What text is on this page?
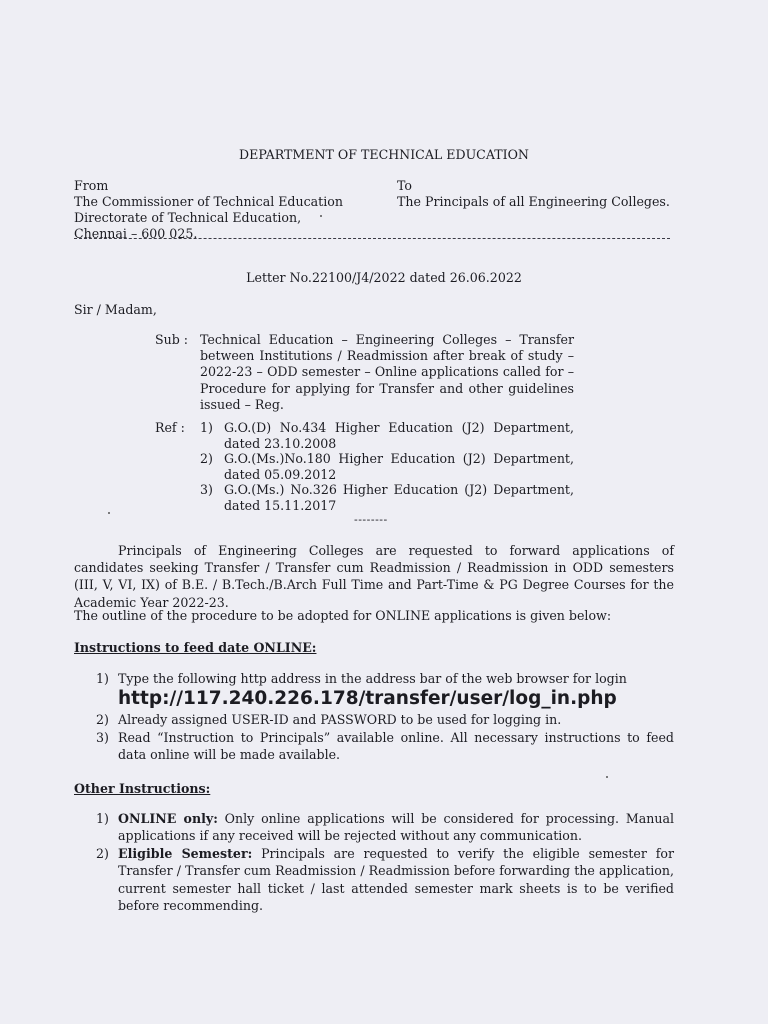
DEPARTMENT OF TECHNICAL EDUCATION
From
The Commissioner of Technical Education
Directorate of Technical Education,
Chennai – 600 025.
To
The Principals of all Engineering Colleges.
Letter No.22100/J4/2022 dated 26.06.2022
Sir / Madam,
Sub : Technical Education – Engineering Colleges – Transfer between Institutions / Readmission after break of study – 2022-23 – ODD semester – Online applications called for – Procedure for applying for Transfer and other guidelines issued – Reg.
Ref : 1) G.O.(D) No.434 Higher Education (J2) Department, dated 23.10.2008
2) G.O.(Ms.)No.180 Higher Education (J2) Department, dated 05.09.2012
3) G.O.(Ms.) No.326 Higher Education (J2) Department, dated 15.11.2017
--------
Principals of Engineering Colleges are requested to forward applications of candidates seeking Transfer / Transfer cum Readmission / Readmission in ODD semesters (III, V, VI, IX) of B.E. / B.Tech./B.Arch Full Time and Part-Time & PG Degree Courses for the Academic Year 2022-23.
The outline of the procedure to be adopted for ONLINE applications is given below:
Instructions to feed date ONLINE:
1) Type the following http address in the address bar of the web browser for login
http://117.240.226.178/transfer/user/log_in.php
2) Already assigned USER-ID and PASSWORD to be used for logging in.
3) Read “Instruction to Principals” available online. All necessary instructions to feed data online will be made available.
Other Instructions:
1) ONLINE only: Only online applications will be considered for processing. Manual applications if any received will be rejected without any communication.
2) Eligible Semester: Principals are requested to verify the eligible semester for Transfer / Transfer cum Readmission / Readmission before forwarding the application, current semester hall ticket / last attended semester mark sheets is to be verified before recommending.
